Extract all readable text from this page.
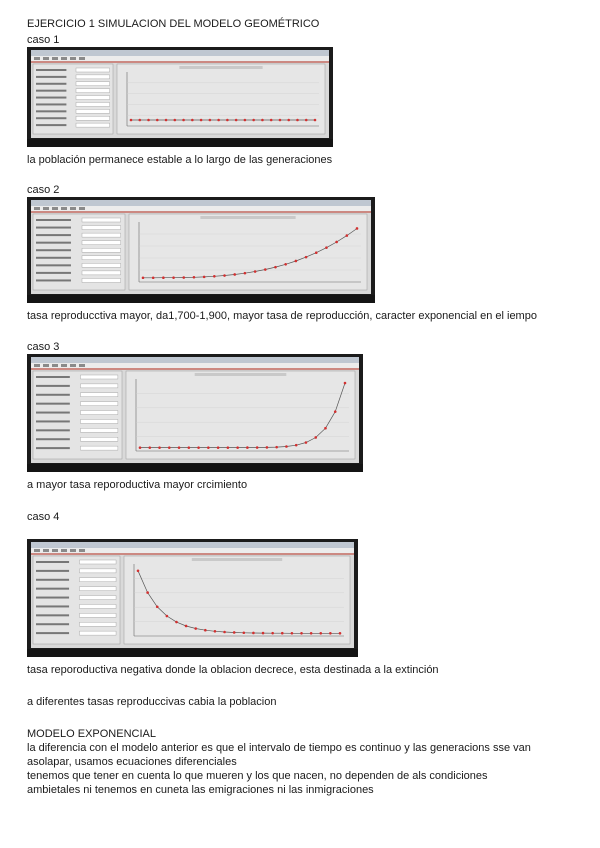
EJERCICIO 1 SIMULACION DEL MODELO GEOMÉTRICO
caso 1
la población permanece estable a lo largo de las generaciones
caso 2
tasa reproducctiva mayor, da1,700-1,900, mayor tasa de reproducción, caracter exponencial en el iempo
caso 3
a mayor tasa reporoductiva mayor crcimiento
caso 4
tasa reporoductiva negativa donde la oblacion decrece, esta destinada a la extinción
a diferentes tasas reproduccivas cabia la poblacion
MODELO EXPONENCIAL
la diferencia con el modelo anterior es que el intervalo de tiempo es continuo y las generacions sse van
asolapar, usamos ecuaciones diferenciales
tenemos que tener en cuenta lo que mueren y los que nacen, no dependen de als condiciones
ambietales ni tenemos en cuneta las emigraciones ni las inmigraciones
